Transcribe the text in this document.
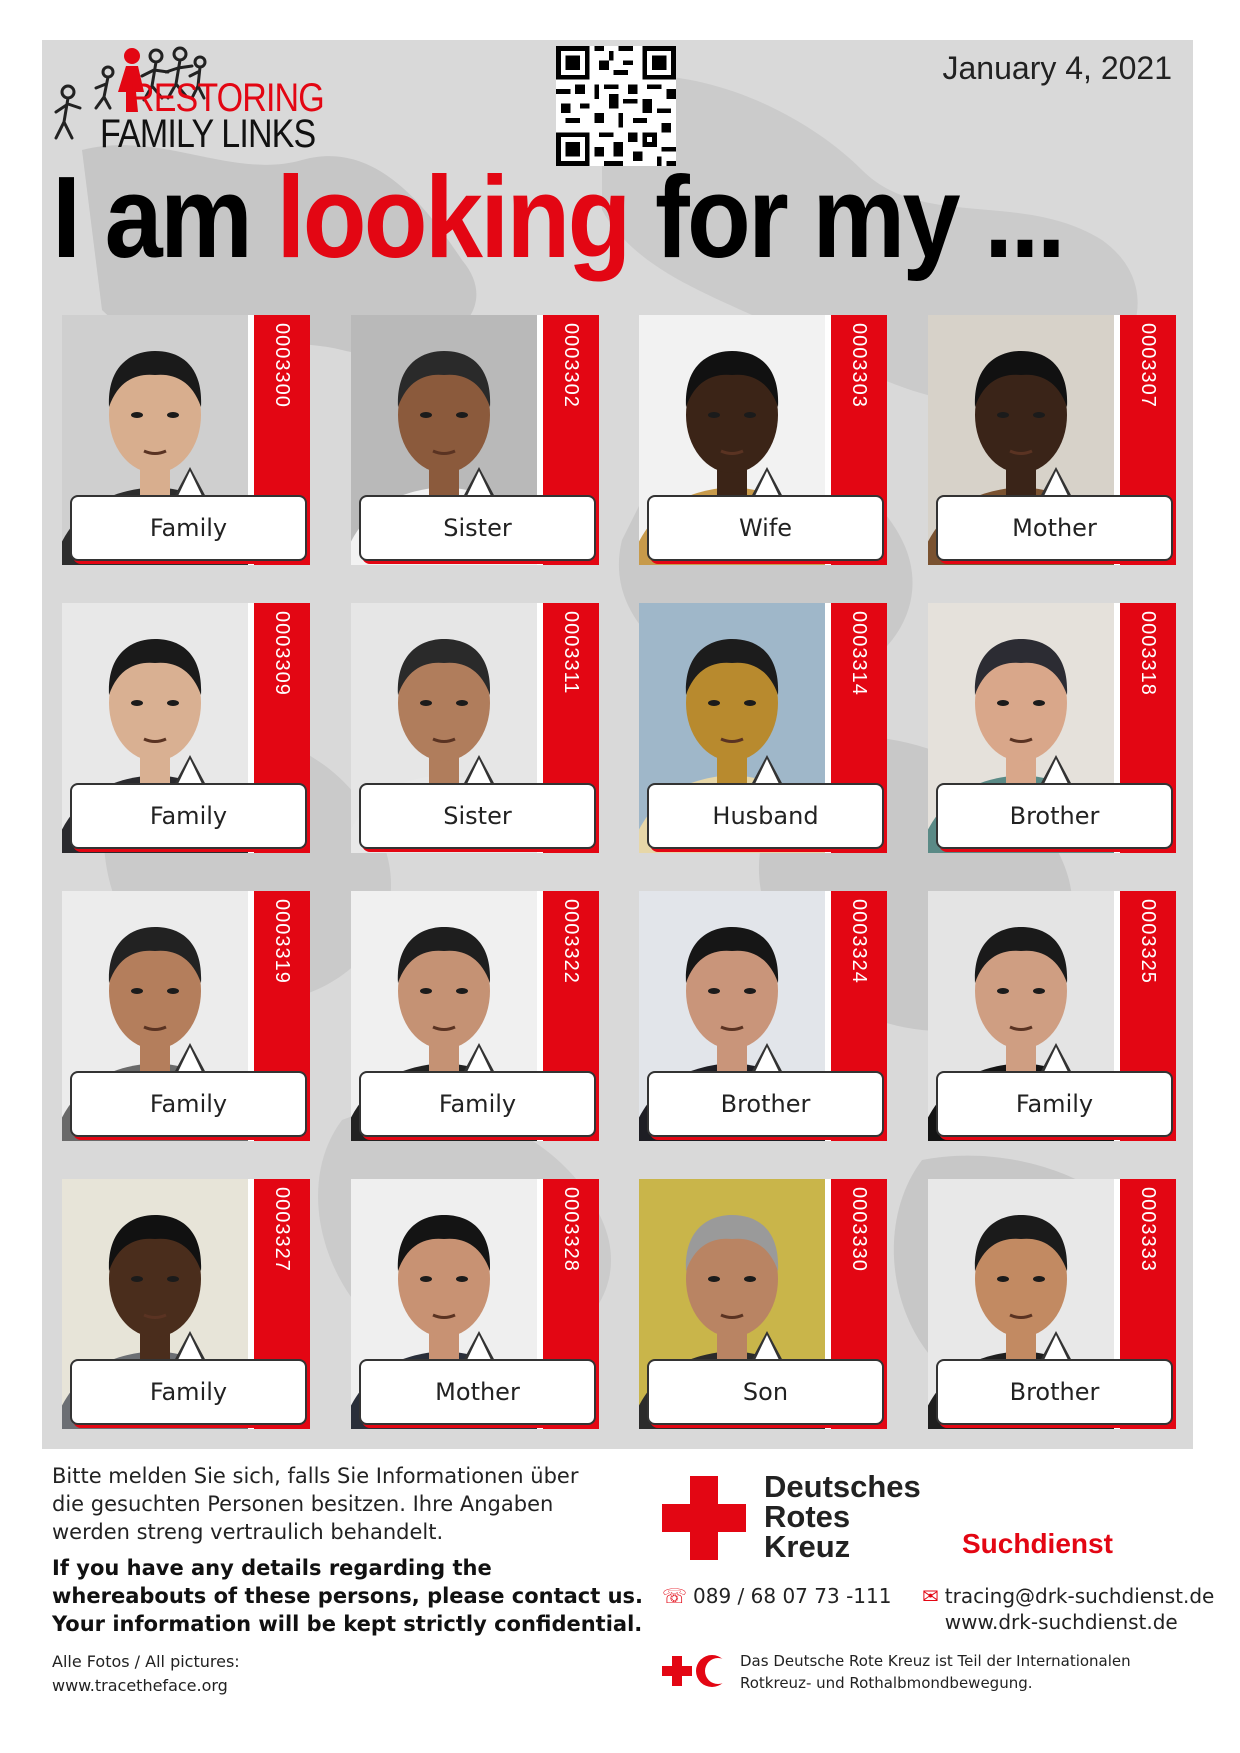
RESTORING
FAMILY LINKS
January 4, 2021
I am looking for my ...
0003300
Family
0003302
Sister
0003303
Wife
0003307
Mother
0003309
Family
0003311
Sister
0003314
Husband
0003318
Brother
0003319
Family
0003322
Family
0003324
Brother
0003325
Family
0003327
Family
0003328
Mother
0003330
Son
0003333
Brother
Bitte melden Sie sich, falls Sie Informationen über die gesuchten Personen besitzen. Ihre Angaben werden streng vertraulich behandelt.
If you have any details regarding the whereabouts of these persons, please contact us. Your information will be kept strictly confidential.
Alle Fotos / All pictures:
www.tracetheface.org
Deutsches
Rotes
Kreuz	Suchdienst
☏ 089 / 68 07 73 -111 ✉ tracing@drk-suchdienst.de
www.drk-suchdienst.de
Das Deutsche Rote Kreuz ist Teil der Internationalen Rotkreuz- und Rothalbmondbewegung.
